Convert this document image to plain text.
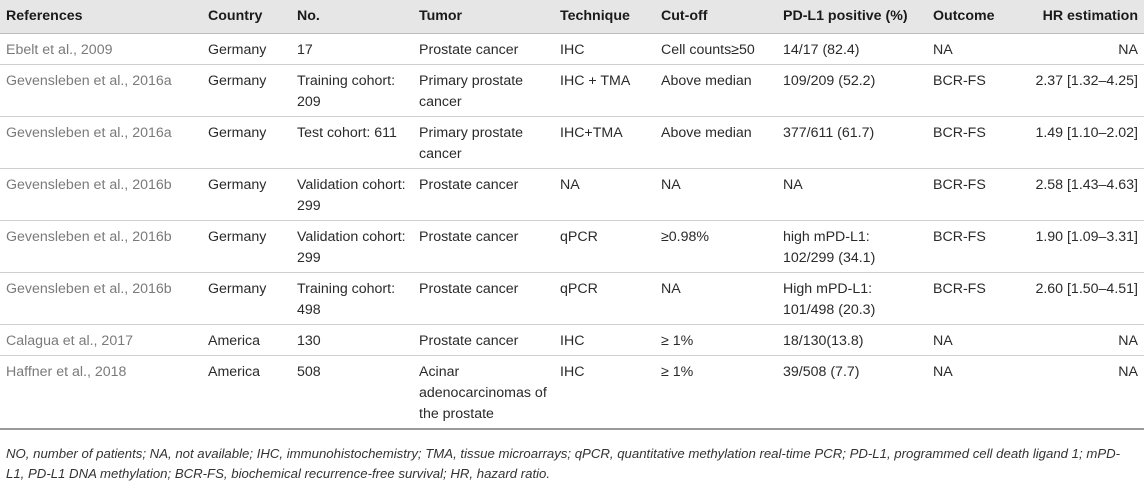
References	Country	No.	Tumor	Technique	Cut-off	PD-L1 positive (%)	Outcome	HR estimation
Ebelt et al., 2009	Germany	17	Prostate cancer	IHC	Cell counts≥50	14/17 (82.4)	NA	NA
Gevensleben et al., 2016a	Germany	Training cohort: 209	Primary prostate cancer	IHC + TMA	Above median	109/209 (52.2)	BCR-FS	2.37 [1.32–4.25]
Gevensleben et al., 2016a	Germany	Test cohort: 611	Primary prostate cancer	IHC+TMA	Above median	377/611 (61.7)	BCR-FS	1.49 [1.10–2.02]
Gevensleben et al., 2016b	Germany	Validation cohort: 299	Prostate cancer	NA	NA	NA	BCR-FS	2.58 [1.43–4.63]
Gevensleben et al., 2016b	Germany	Validation cohort: 299	Prostate cancer	qPCR	≥0.98%	high mPD-L1: 102/299 (34.1)	BCR-FS	1.90 [1.09–3.31]
Gevensleben et al., 2016b	Germany	Training cohort: 498	Prostate cancer	qPCR	NA	High mPD-L1: 101/498 (20.3)	BCR-FS	2.60 [1.50–4.51]
Calagua et al., 2017	America	130	Prostate cancer	IHC	≥ 1%	18/130(13.8)	NA	NA
Haffner et al., 2018	America	508	Acinar adenocarcinomas of the prostate	IHC	≥ 1%	39/508 (7.7)	NA	NA
NO, number of patients; NA, not available; IHC, immunohistochemistry; TMA, tissue microarrays; qPCR, quantitative methylation real-time PCR; PD-L1, programmed cell death ligand 1; mPD-L1, PD-L1 DNA methylation; BCR-FS, biochemical recurrence-free survival; HR, hazard ratio.
